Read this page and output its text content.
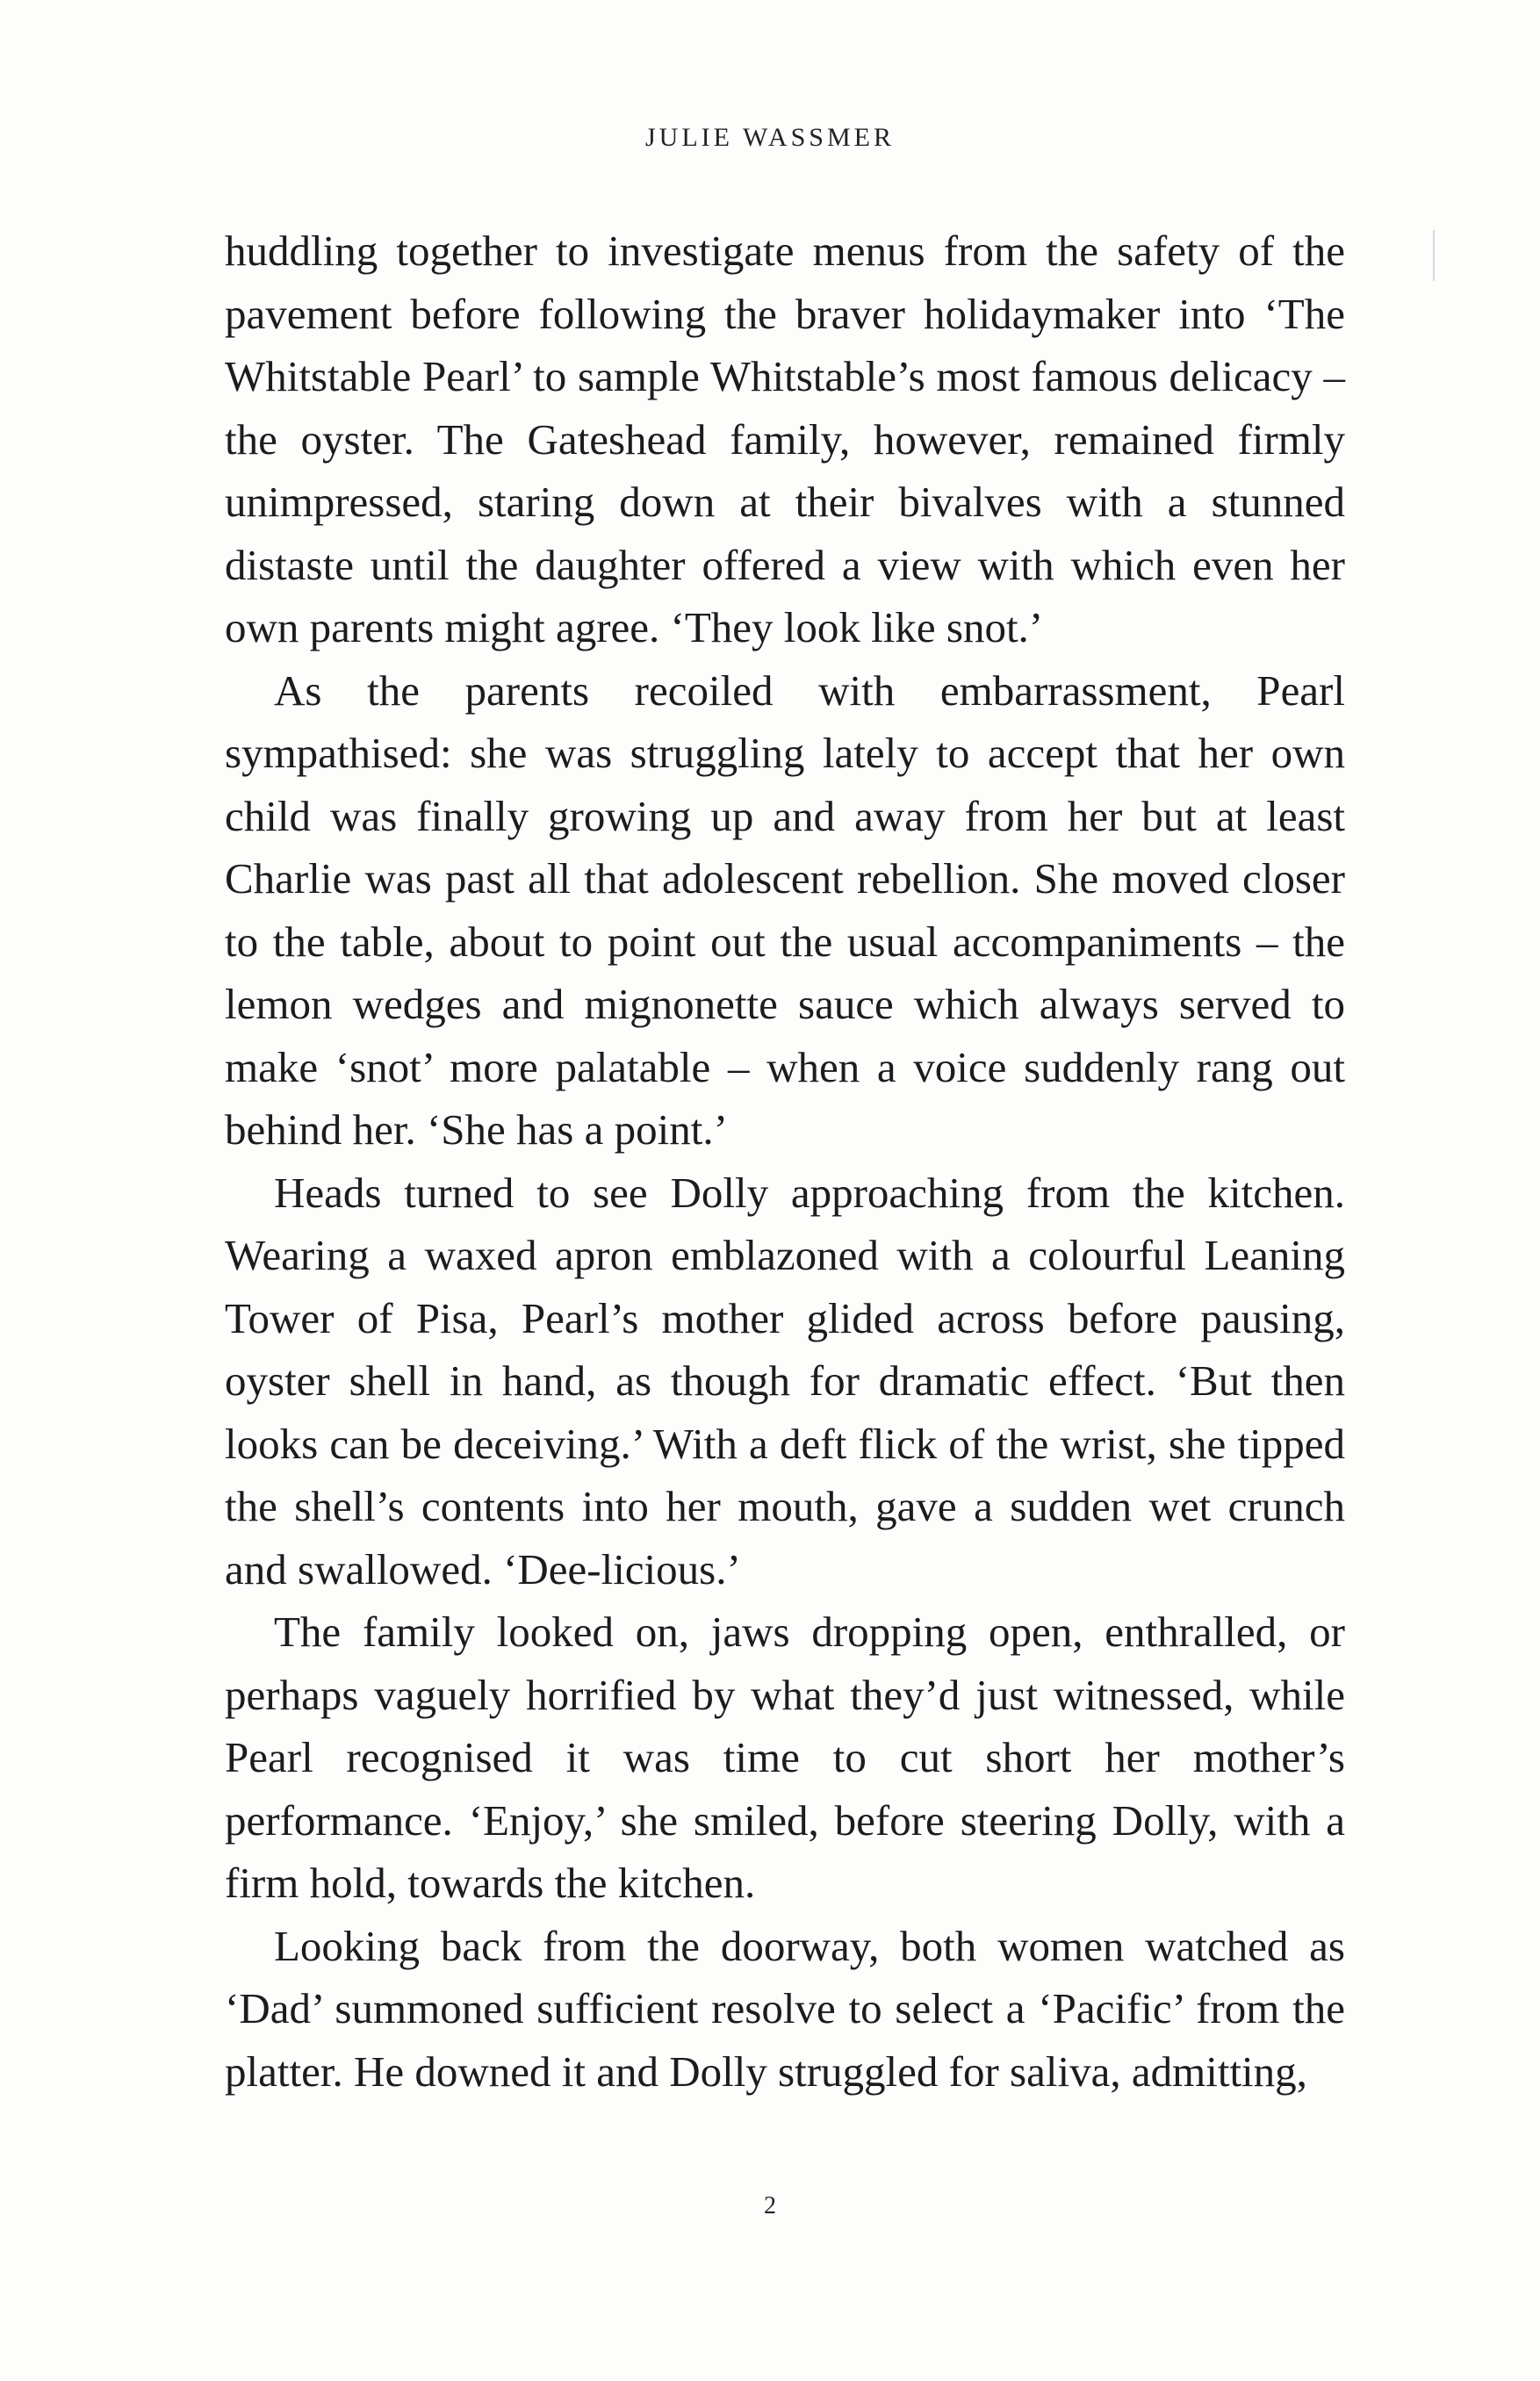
JULIE WASSMER

huddling together to investigate menus from the safety of the pavement before following the braver holidaymaker into ‘The Whitstable Pearl’ to sample Whitstable’s most famous delicacy – the oyster. The Gateshead family, however, remained firmly unimpressed, staring down at their bivalves with a stunned distaste until the daughter offered a view with which even her own parents might agree. ‘They look like snot.’

As the parents recoiled with embarrassment, Pearl sympathised: she was struggling lately to accept that her own child was finally growing up and away from her but at least Charlie was past all that adolescent rebellion. She moved closer to the table, about to point out the usual accompaniments – the lemon wedges and mignonette sauce which always served to make ‘snot’ more palatable – when a voice suddenly rang out behind her. ‘She has a point.’

Heads turned to see Dolly approaching from the kitchen. Wearing a waxed apron emblazoned with a colourful Leaning Tower of Pisa, Pearl’s mother glided across before pausing, oyster shell in hand, as though for dramatic effect. ‘But then looks can be deceiving.’ With a deft flick of the wrist, she tipped the shell’s contents into her mouth, gave a sudden wet crunch and swallowed. ‘Dee-licious.’

The family looked on, jaws dropping open, enthralled, or perhaps vaguely horrified by what they’d just witnessed, while Pearl recognised it was time to cut short her mother’s performance. ‘Enjoy,’ she smiled, before steering Dolly, with a firm hold, towards the kitchen.

Looking back from the doorway, both women watched as ‘Dad’ summoned sufficient resolve to select a ‘Pacific’ from the platter. He downed it and Dolly struggled for saliva, admitting,

2
